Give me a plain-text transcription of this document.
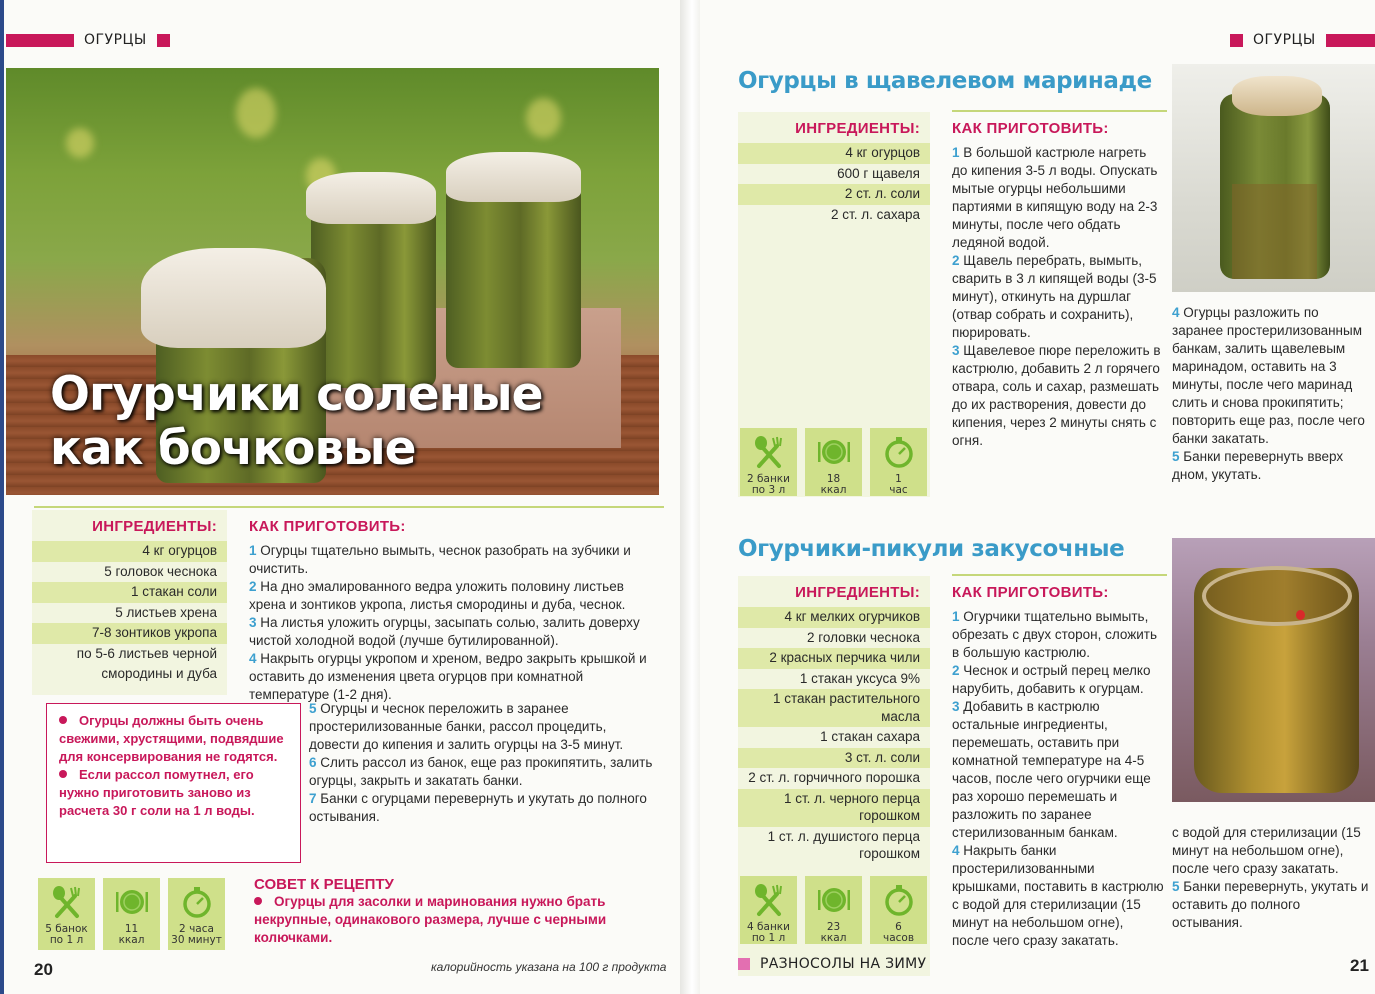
ОГУРЦЫ
Огурчики соленые
как бочковые
ИНГРЕДИЕНТЫ:
4 кг огурцов
5 головок чеснока
1 стакан соли
5 листьев хрена
7-8 зонтиков укропа
по 5-6 листьев черной
смородины и дуба
КАК ПРИГОТОВИТЬ:

1 Огурцы тщательно вымыть, чеснок разобрать на зубчики и очистить.

2 На дно эмалированного ведра уложить половину листьев хрена и зонтиков укропа, листья смородины и дуба, чеснок.

3 На листья уложить огурцы, засыпать солью, залить доверху чистой холодной водой (лучше бутилированной).

4 Накрыть огурцы укропом и хреном, ведро закрыть крышкой и оставить до изменения цвета огурцов при комнатной температуре (1-2 дня).

5 Огурцы и чеснок переложить в заранее простерилизованные банки, рассол процедить, довести до кипения и залить огурцы на 3-5 минут.

6 Слить рассол из банок, еще раз прокипятить, залить огурцы, закрыть и закатать банки.

7 Банки с огурцами перевернуть и укутать до полного остывания.

Огурцы должны быть очень свежими, хрустящими, подвядшие для консервирования не годятся.

Если рассол помутнел, его нужно приготовить заново из расчета 30 г соли на 1 л воды.

5 банок
по 1 л
11
ккал
2 часа
30 минут
СОВЕТ К РЕЦЕПТУ

Огурцы для засолки и маринования нужно брать некрупные, одинакового размера, лучше с черными колючками.

20	калорийность указана на 100 г продукта
ОГУРЦЫ
Огурцы в щавелевом маринаде
ИНГРЕДИЕНТЫ:
4 кг огурцов
600 г щавеля
2 ст. л. соли
2 ст. л. сахара
КАК ПРИГОТОВИТЬ:

1 В большой кастрюле нагреть до кипения 3-5 л воды. Опускать мытые огурцы небольшими партиями в кипящую воду на 2-3 минуты, после чего обдать ледяной водой.

2 Щавель перебрать, вымыть, сварить в 3 л кипящей воды (3-5 минут), откинуть на дуршлаг (отвар собрать и сохранить), пюрировать.

3 Щавелевое пюре переложить в кастрюлю, добавить 2 л горячего отвара, соль и сахар, размешать до их растворения, довести до кипения, через 2 минуты снять с огня.

4 Огурцы разложить по заранее простерилизованным банкам, залить щавелевым маринадом, оставить на 3 минуты, после чего маринад слить и снова прокипятить; повторить еще раз, после чего банки закатать.

5 Банки перевернуть вверх дном, укутать.

2 банки
по 3 л
18
ккал
1
час
Огурчики-пикули закусочные
ИНГРЕДИЕНТЫ:
4 кг мелких огурчиков
2 головки чеснока
2 красных перчика чили
1 стакан уксуса 9%
1 стакан растительного масла
1 стакан сахара
3 ст. л. соли
2 ст. л. горчичного порошка
1 ст. л. черного перца горошком
1 ст. л. душистого перца горошком
КАК ПРИГОТОВИТЬ:

1 Огурчики тщательно вымыть, обрезать с двух сторон, сложить в большую кастрюлю.

2 Чеснок и острый перец мелко нарубить, добавить к огурцам.

3 Добавить в кастрюлю остальные ингредиенты, перемешать, оставить при комнатной температуре на 4-5 часов, после чего огурчики еще раз хорошо перемешать и разложить по заранее стерилизованным банкам.

4 Накрыть банки простерилизованными крышками, поставить в кастрюлю с водой для стерилизации (15 минут на небольшом огне), после чего сразу закатать.

4 банки
по 1 л
23
ккал
6
часов

с водой для стерилизации (15 минут на небольшом огне), после чего сразу закатать.

5 Банки перевернуть, укутать и оставить до полного остывания.

РАЗНОСОЛЫ НА ЗИМУ	21
